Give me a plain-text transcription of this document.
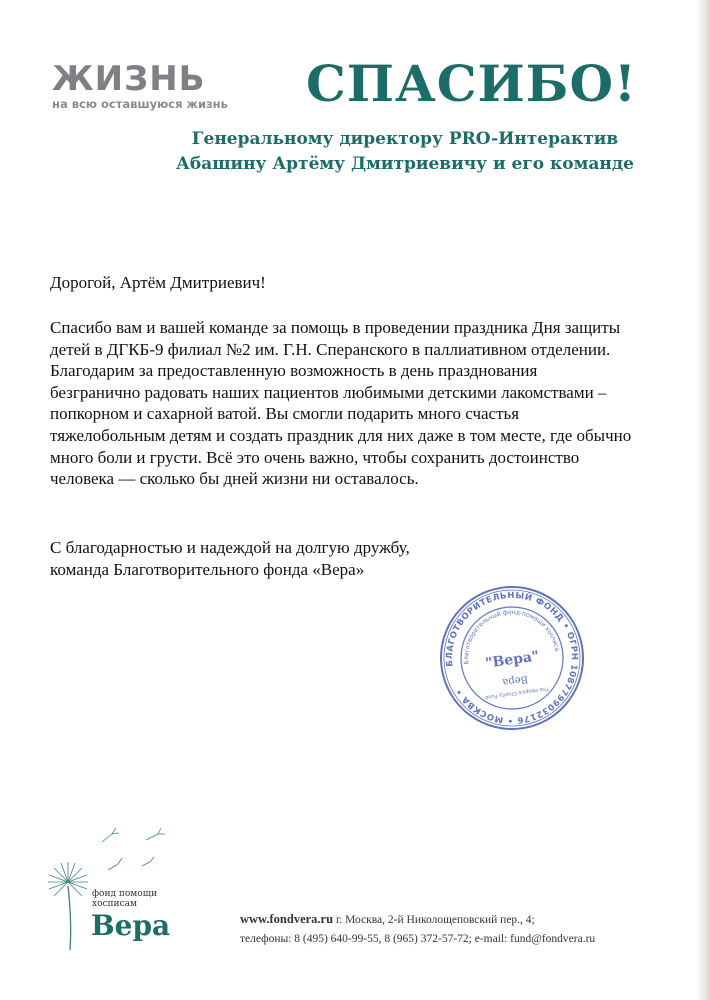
ЖИЗНЬ
на всю оставшуюся жизнь СПАСИБО!
Генеральному директору PRO-Интерактив
Абашину Артёму Дмитриевичу и его команде
Дорогой, Артём Дмитриевич!
Спасибо вам и вашей команде за помощь в проведении праздника Дня защиты
детей в ДГКБ-9 филиал №2 им. Г.Н. Сперанского в паллиативном отделении.
Благодарим за предоставленную возможность в день празднования
безгранично радовать наших пациентов любимыми детскими лакомствами –
попкорном и сахарной ватой. Вы смогли подарить много счастья
тяжелобольным детям и создать праздник для них даже в том месте, где обычно
много боли и грусти. Всё это очень важно, чтобы сохранить достоинство
человека — сколько бы дней жизни ни оставалось.
С благодарностью и надеждой на долгую дружбу,
команда Благотворительного фонда «Вера»
БЛАГОТВОРИТЕЛЬНЫЙ ФОНД • ОГРН 1087799032176 • МОСКВА •
Благотворительный фонд помощи хосписам
"Вера"
Вера
The Hospice Charity Fund
фонд помощи
хосписам
Вера	www.fondvera.ru г. Москва, 2-й Николощеповский пер., 4;
телефоны: 8 (495) 640-99-55, 8 (965) 372-57-72; e-mail: fund@fondvera.ru
